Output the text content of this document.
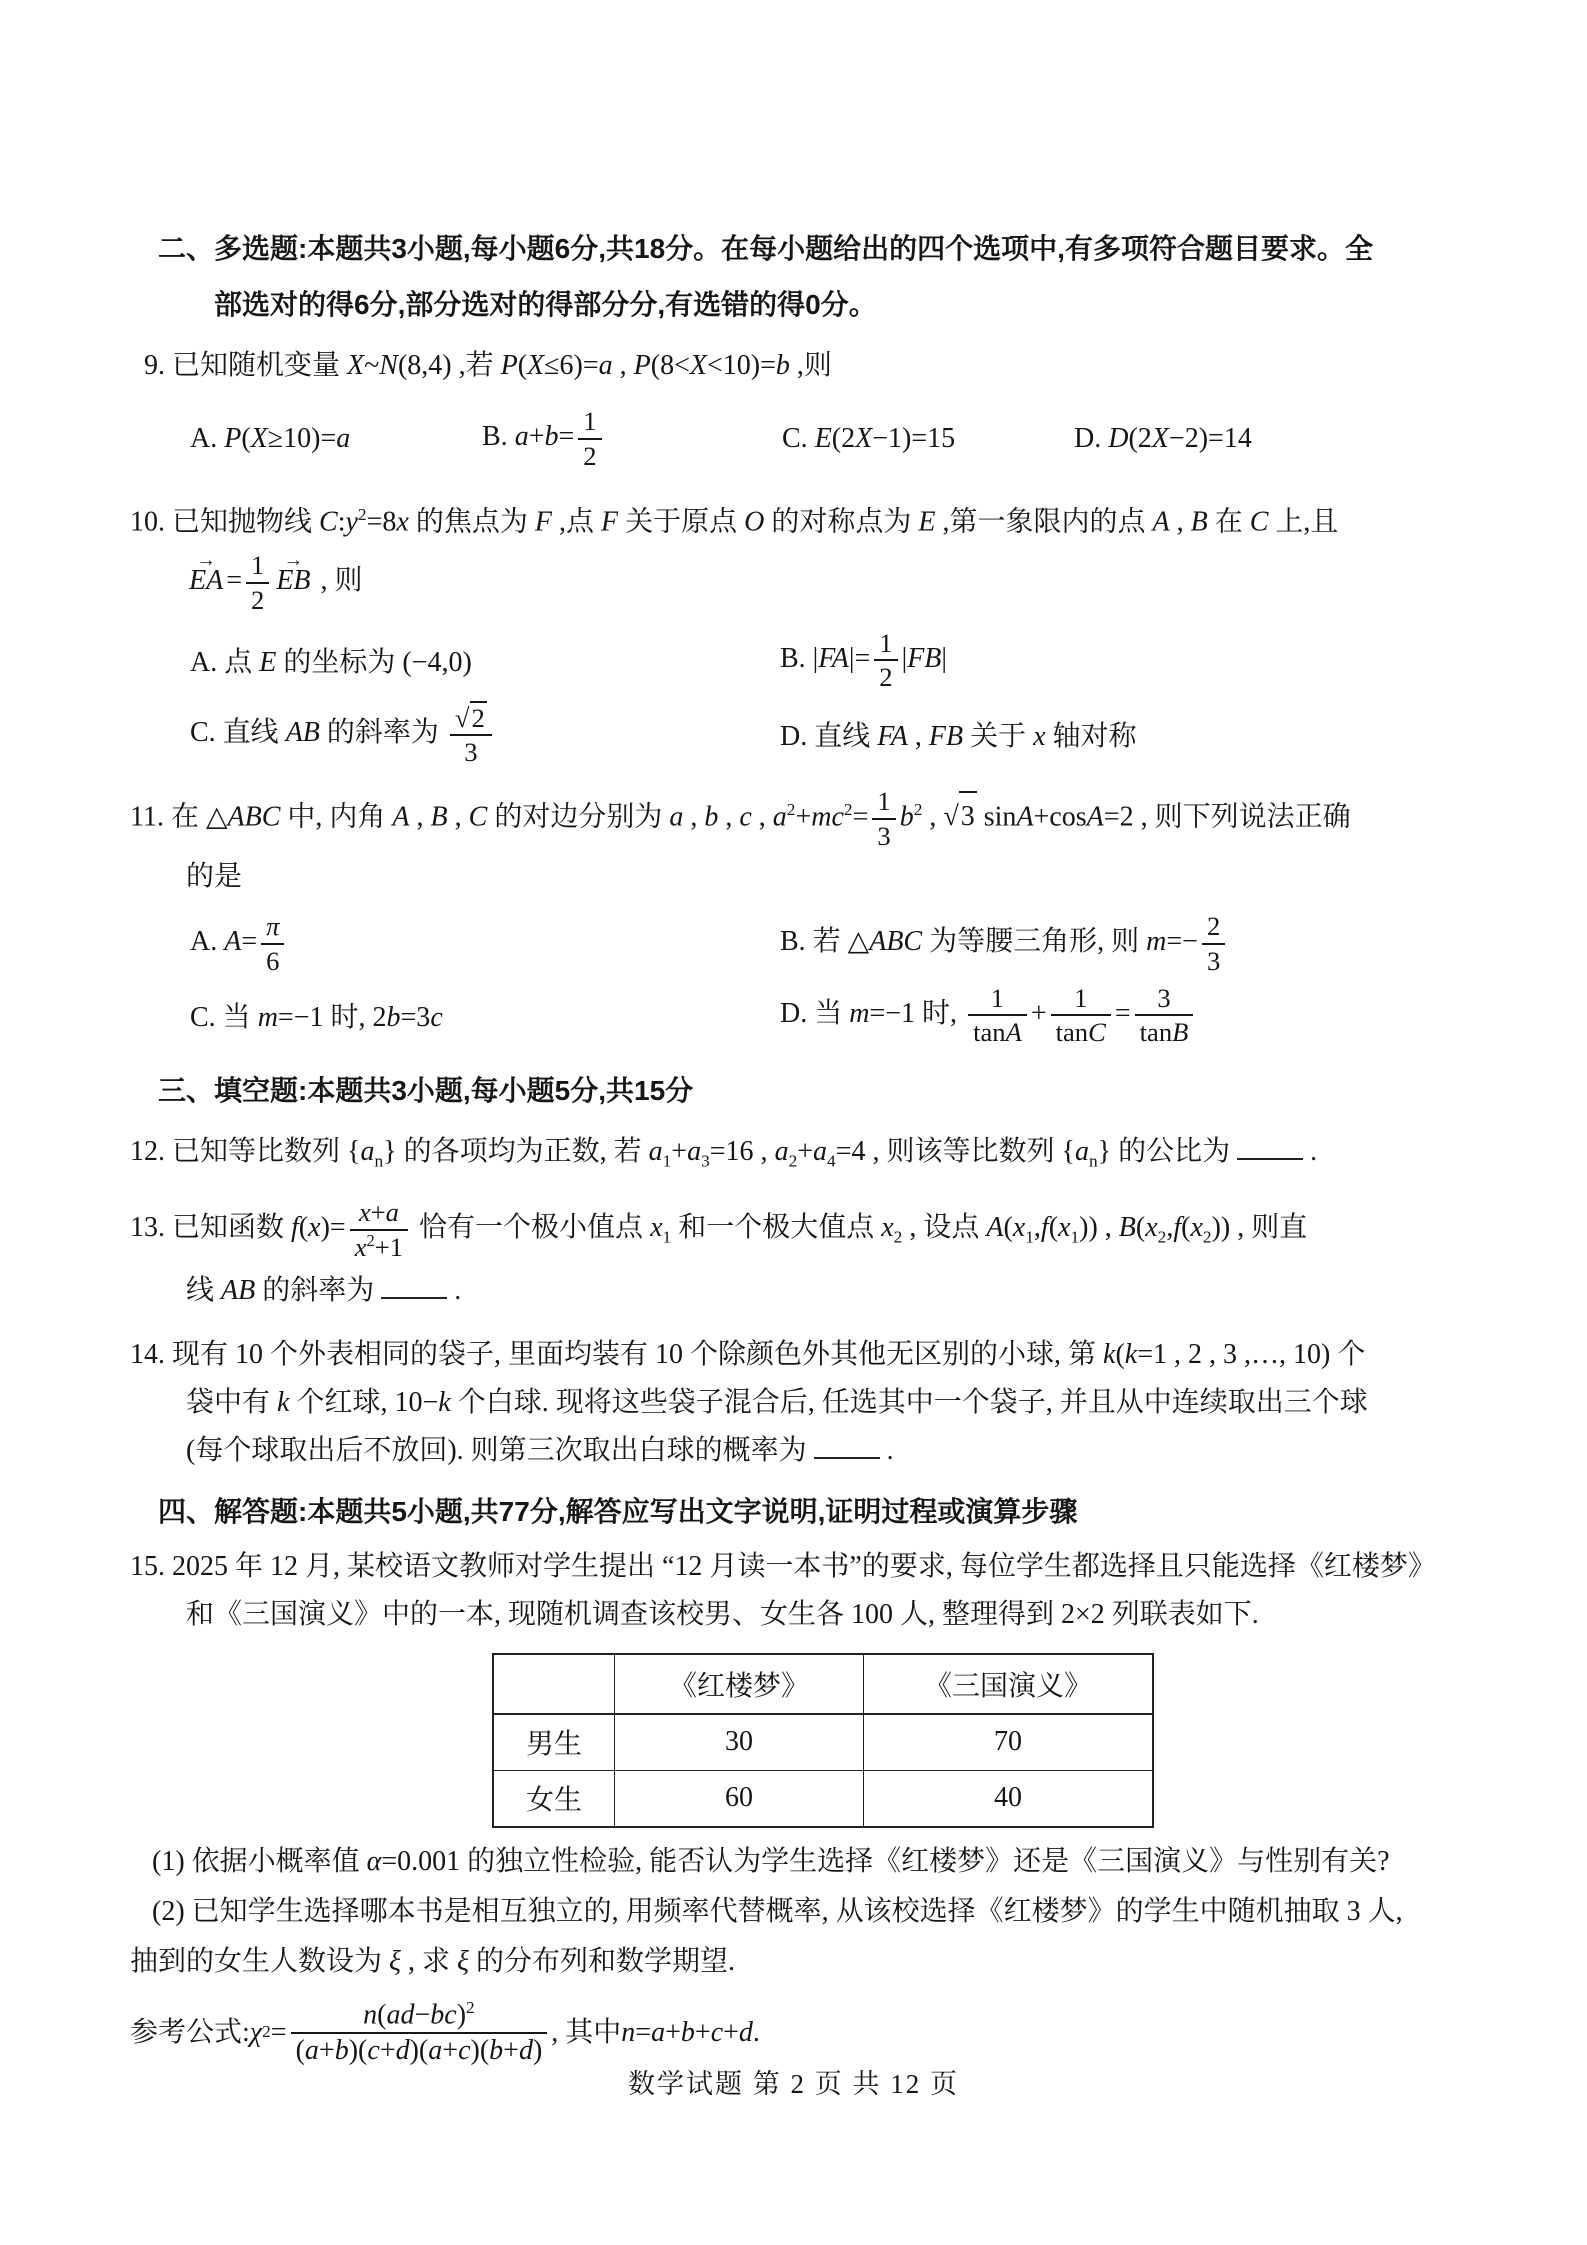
二、多选题:本题共3小题,每小题6分,共18分。在每小题给出的四个选项中,有多项符合题目要求。全
部选对的得6分,部分选对的得部分分,有选错的得0分。
9. 已知随机变量 X~N(8,4) ,若 P(X≤6)=a , P(8<X<10)=b ,则
A. P(X≥10)=a	B. $a+b= \frac{1}{2}$	C. E(2X−1)=15	D. D(2X−2)=14
10. 已知抛物线 $C:y^2=8x$ 的焦点为 F ,点 F 关于原点 O 的对称点为 E ,第一象限内的点 A , B 在 C 上,且
→
EA = $\frac{1}{2}$ →
EB , 则
A. 点 E 的坐标为 (−4,0)	B. $|FA|= \frac{1}{2} |FB|$
C. 直线 AB 的斜率为 $\frac{√2}{3}$	D. 直线 FA , FB 关于 x 轴对称
11. 在 △ABC 中, 内角 A , B , C 的对边分别为 a , b , c , $a^2+mc^2= \frac{1}{3} b^2$ , √3 sinA+cosA=2 , 则下列说法正确
的是
A. $A= \frac{\pi}{6}$	B. 若 △ABC 为等腰三角形, 则 $m=- \frac{2}{3}$
C. 当 m=−1 时, 2b=3c	D. 当 m=−1 时, $\frac{1}{\tan A} + \frac{1}{\tan C} = \frac{3}{\tan B}$
三、填空题:本题共3小题,每小题5分,共15分
12. 已知等比数列 $\{a_n\}$ 的各项均为正数, 若 $a_1+a_3=16$ , $a_2+a_4=4$ , 则该等比数列 $\{a_n\}$ 的公比为  .
13. 已知函数 $f(x)= \frac{x+a}{x^2+1}$ 恰有一个极小值点 $x_1$ 和一个极大值点 $x_2$ , 设点 $A(x_1,f(x_1))$ , $B(x_2,f(x_2))$ , 则直
线 AB 的斜率为  .
14. 现有 10 个外表相同的袋子, 里面均装有 10 个除颜色外其他无区别的小球, 第 k(k=1 , 2 , 3 ,…, 10) 个
袋中有 k 个红球, 10−k 个白球. 现将这些袋子混合后, 任选其中一个袋子, 并且从中连续取出三个球
(每个球取出后不放回). 则第三次取出白球的概率为  .
四、解答题:本题共5小题,共77分,解答应写出文字说明,证明过程或演算步骤
15. 2025 年 12 月, 某校语文教师对学生提出 “12 月读一本书”的要求, 每位学生都选择且只能选择《红楼梦》
和《三国演义》中的一本, 现随机调查该校男、女生各 100 人, 整理得到 2×2 列联表如下.
	《红楼梦》	《三国演义》
男生	30	70
女生	60	40
(1) 依据小概率值 α=0.001 的独立性检验, 能否认为学生选择《红楼梦》还是《三国演义》与性别有关?
(2) 已知学生选择哪本书是相互独立的, 用频率代替概率, 从该校选择《红楼梦》的学生中随机抽取 3 人,
抽到的女生人数设为 ξ , 求 ξ 的分布列和数学期望.
参考公式: χ $2 = \frac{n(ad-bc)^2}{(a+b)(c+d)(a+c)(b+d)}$ , 其中 n = a + b + c + d .
数学试题 第 2 页 共 12 页
